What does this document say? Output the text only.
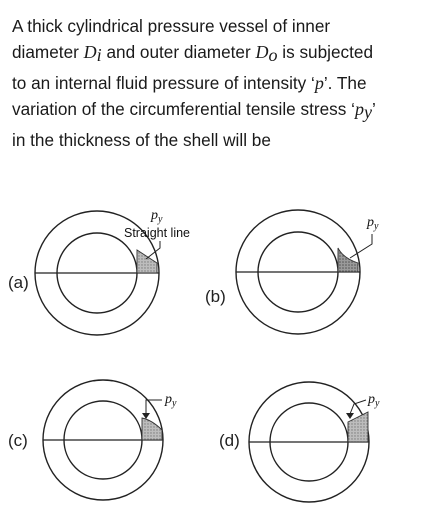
A thick cylindrical pressure vessel of inner
diameter $D_i$ and outer diameter $D_o$ is subjected
to an internal fluid pressure of intensity ‘p’. The
variation of the circumferential tensile stress ‘$p_y$’
in the thickness of the shell will be
(a)
$p_y$
Straight line
(b)
$p_y$
(c)
$p_y$
(d)
$p_y$
